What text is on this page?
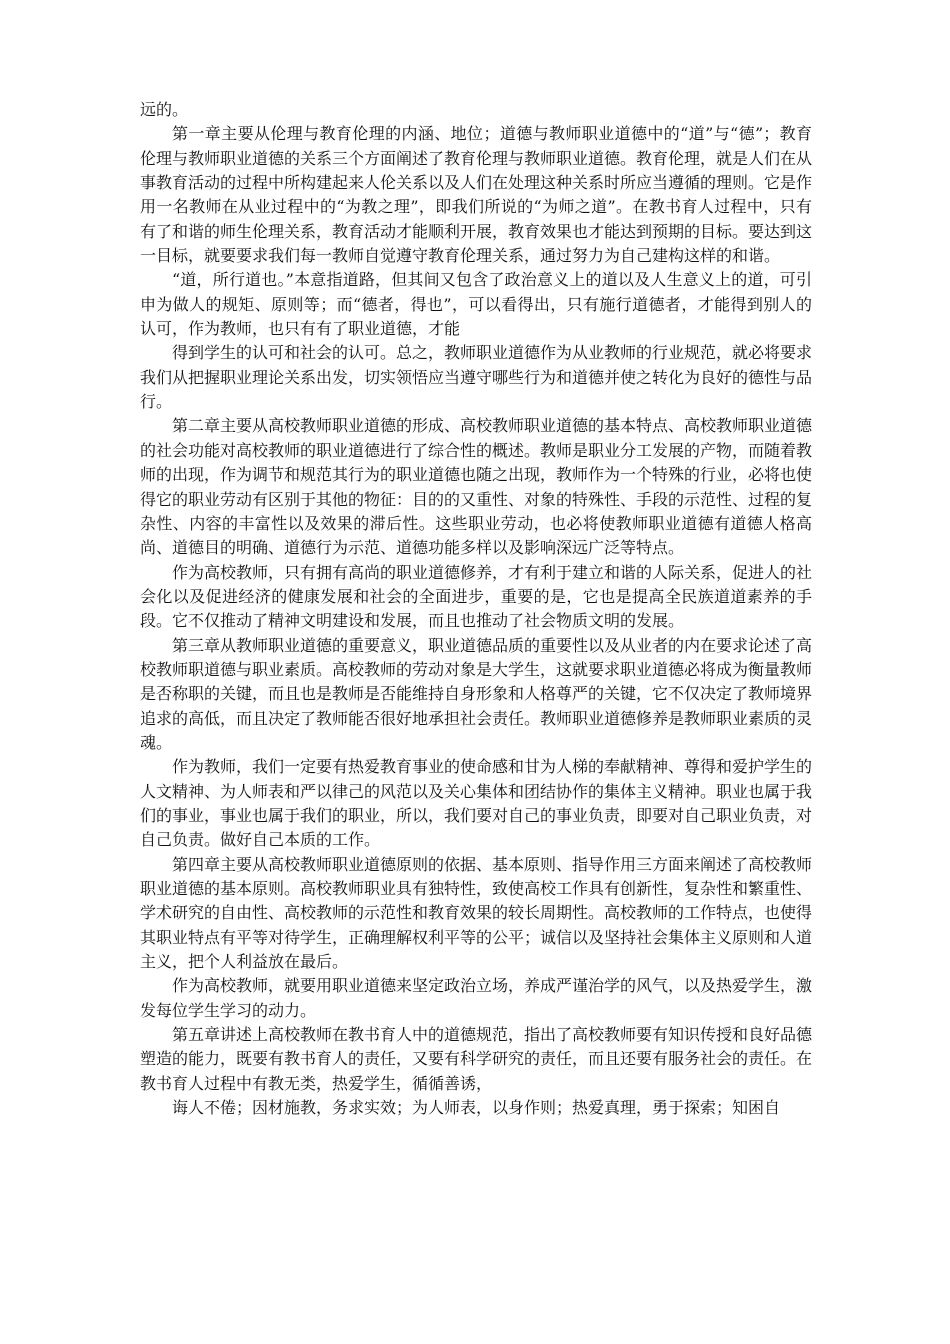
远的。

第一章主要从伦理与教育伦理的内涵、地位；道德与教师职业道德中的“道”与“德”；教育伦理与教师职业道德的关系三个方面阐述了教育伦理与教师职业道德。教育伦理，就是人们在从事教育活动的过程中所构建起来人伦关系以及人们在处理这种关系时所应当遵循的理则。它是作用一名教师在从业过程中的“为教之理”，即我们所说的“为师之道”。在教书育人过程中，只有有了和谐的师生伦理关系，教育活动才能顺利开展，教育效果也才能达到预期的目标。要达到这一目标，就要要求我们每一教师自觉遵守教育伦理关系，通过努力为自己建构这样的和谐。

“道，所行道也。”本意指道路，但其间又包含了政治意义上的道以及人生意义上的道，可引申为做人的规矩、原则等；而“德者，得也”，可以看得出，只有施行道德者，才能得到别人的认可，作为教师，也只有有了职业道德，才能

得到学生的认可和社会的认可。总之，教师职业道德作为从业教师的行业规范，就必将要求我们从把握职业理论关系出发，切实领悟应当遵守哪些行为和道德并使之转化为良好的德性与品行。

第二章主要从高校教师职业道德的形成、高校教师职业道德的基本特点、高校教师职业道德的社会功能对高校教师的职业道德进行了综合性的概述。教师是职业分工发展的产物，而随着教师的出现，作为调节和规范其行为的职业道德也随之出现，教师作为一个特殊的行业，必将也使得它的职业劳动有区别于其他的物征：目的的又重性、对象的特殊性、手段的示范性、过程的复杂性、内容的丰富性以及效果的滞后性。这些职业劳动，也必将使教师职业道德有道德人格高尚、道德目的明确、道德行为示范、道德功能多样以及影响深远广泛等特点。

作为高校教师，只有拥有高尚的职业道德修养，才有利于建立和谐的人际关系，促进人的社会化以及促进经济的健康发展和社会的全面进步，重要的是，它也是提高全民族道道素养的手段。它不仅推动了精神文明建设和发展，而且也推动了社会物质文明的发展。

第三章从教师职业道德的重要意义，职业道德品质的重要性以及从业者的内在要求论述了高校教师职道德与职业素质。高校教师的劳动对象是大学生，这就要求职业道德必将成为衡量教师是否称职的关键，而且也是教师是否能维持自身形象和人格尊严的关键，它不仅决定了教师境界追求的高低，而且决定了教师能否很好地承担社会责任。教师职业道德修养是教师职业素质的灵魂。

作为教师，我们一定要有热爱教育事业的使命感和甘为人梯的奉献精神、尊得和爱护学生的人文精神、为人师表和严以律己的风范以及关心集体和团结协作的集体主义精神。职业也属于我们的事业，事业也属于我们的职业，所以，我们要对自己的事业负责，即要对自己职业负责，对自己负责。做好自己本质的工作。

第四章主要从高校教师职业道德原则的依据、基本原则、指导作用三方面来阐述了高校教师职业道德的基本原则。高校教师职业具有独特性，致使高校工作具有创新性，复杂性和繁重性、学术研究的自由性、高校教师的示范性和教育效果的较长周期性。高校教师的工作特点，也使得其职业特点有平等对待学生，正确理解权利平等的公平；诚信以及坚持社会集体主义原则和人道主义，把个人利益放在最后。

作为高校教师，就要用职业道德来坚定政治立场，养成严谨治学的风气，以及热爱学生，激发每位学生学习的动力。

第五章讲述上高校教师在教书育人中的道德规范，指出了高校教师要有知识传授和良好品德塑造的能力，既要有教书育人的责任，又要有科学研究的责任，而且还要有服务社会的责任。在教书育人过程中有教无类，热爱学生，循循善诱，

诲人不倦；因材施教，务求实效；为人师表，以身作则；热爱真理，勇于探索；知困自
